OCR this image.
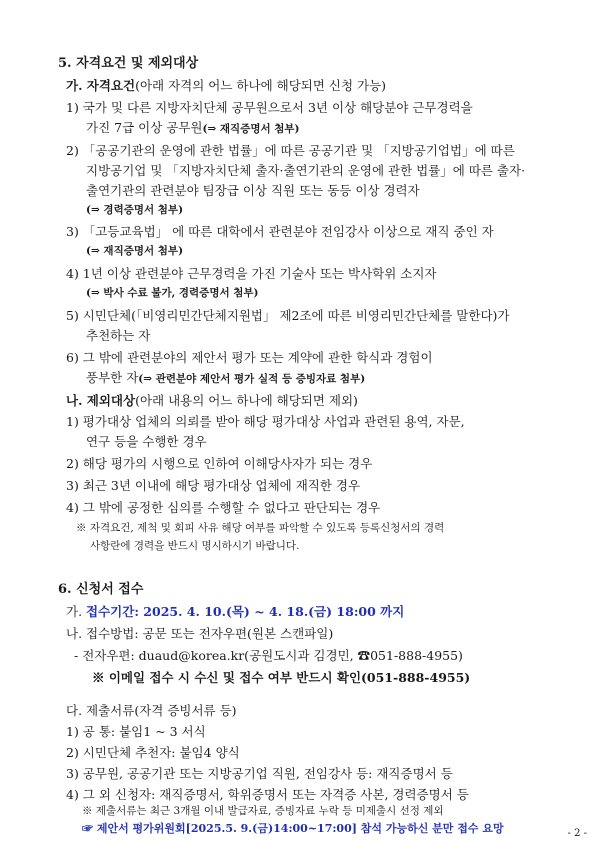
5. 자격요건 및 제외대상
가. 자격요건(아래 자격의 어느 하나에 해당되면 신청 가능)
1) 국가 및 다른 지방자치단체 공무원으로서 3년 이상 해당분야 근무경력을
가진 7급 이상 공무원(⇒ 재직증명서 첨부)
2) 「공공기관의 운영에 관한 법률」에 따른 공공기관 및 「지방공기업법」에 따른
지방공기업 및 「지방자치단체 출자·출연기관의 운영에 관한 법률」에 따른 출자·
출연기관의 관련분야 팀장급 이상 직원 또는 동등 이상 경력자
(⇒ 경력증명서 첨부)
3) 「고등교육법」 에 따른 대학에서 관련분야 전임강사 이상으로 재직 중인 자
(⇒ 재직증명서 첨부)
4) 1년 이상 관련분야 근무경력을 가진 기술사 또는 박사학위 소지자
(⇒ 박사 수료 불가, 경력증명서 첨부)
5) 시민단체(「비영리민간단체지원법」 제2조에 따른 비영리민간단체를 말한다)가
추천하는 자
6) 그 밖에 관련분야의 제안서 평가 또는 계약에 관한 학식과 경험이
풍부한 자(⇒ 관련분야 제안서 평가 실적 등 증빙자료 첨부)
나. 제외대상(아래 내용의 어느 하나에 해당되면 제외)
1) 평가대상 업체의 의뢰를 받아 해당 평가대상 사업과 관련된 용역, 자문,
연구 등을 수행한 경우
2) 해당 평가의 시행으로 인하여 이해당사자가 되는 경우
3) 최근 3년 이내에 해당 평가대상 업체에 재직한 경우
4) 그 밖에 공정한 심의를 수행할 수 없다고 판단되는 경우
※ 자격요건, 제척 및 회피 사유 해당 여부를 파악할 수 있도록 등록신청서의 경력
사항란에 경력을 반드시 명시하시기 바랍니다.
6. 신청서 접수
가. 접수기간: 2025. 4. 10.(목) ~ 4. 18.(금) 18:00 까지
나. 접수방법: 공문 또는 전자우편(원본 스캔파일)
- 전자우편: duaud@korea.kr(공원도시과 김경민, ☎051-888-4955)
※ 이메일 접수 시 수신 및 접수 여부 반드시 확인(051-888-4955)
다. 제출서류(자격 증빙서류 등)
1) 공 통: 붙임1 ~ 3 서식
2) 시민단체 추천자: 붙임4 양식
3) 공무원, 공공기관 또는 지방공기업 직원, 전임강사 등: 재직증명서 등
4) 그 외 신청자: 재직증명서, 학위증명서 또는 자격증 사본, 경력증명서 등
※ 제출서류는 최근 3개월 이내 발급자료, 증빙자료 누락 등 미제출시 선정 제외
☞ 제안서 평가위원회[2025.5. 9.(금)14:00~17:00] 참석 가능하신 분만 접수 요망	- 2 -
